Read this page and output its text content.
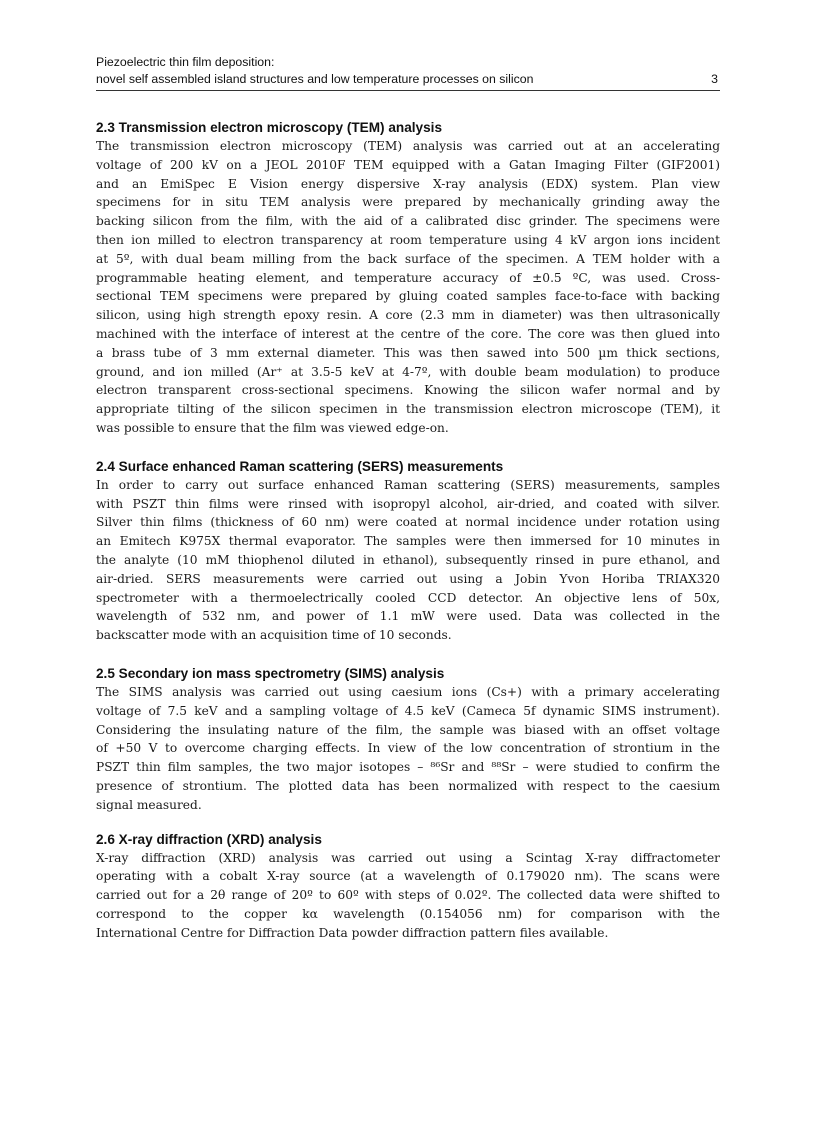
Piezoelectric thin film deposition:
novel self assembled island structures and low temperature processes on silicon	3
2.3 Transmission electron microscopy (TEM) analysis
The transmission electron microscopy (TEM) analysis was carried out at an accelerating
voltage of 200 kV on a JEOL 2010F TEM equipped with a Gatan Imaging Filter (GIF2001)
and an EmiSpec E Vision energy dispersive X-ray analysis (EDX) system. Plan view
specimens for in situ TEM analysis were prepared by mechanically grinding away the
backing silicon from the film, with the aid of a calibrated disc grinder. The specimens were
then ion milled to electron transparency at room temperature using 4 kV argon ions incident
at 5º, with dual beam milling from the back surface of the specimen. A TEM holder with a
programmable heating element, and temperature accuracy of ±0.5 ºC, was used. Cross-
sectional TEM specimens were prepared by gluing coated samples face-to-face with backing
silicon, using high strength epoxy resin. A core (2.3 mm in diameter) was then ultrasonically
machined with the interface of interest at the centre of the core. The core was then glued into
a brass tube of 3 mm external diameter. This was then sawed into 500 µm thick sections,
ground, and ion milled (Ar⁺ at 3.5-5 keV at 4-7º, with double beam modulation) to produce
electron transparent cross-sectional specimens. Knowing the silicon wafer normal and by
appropriate tilting of the silicon specimen in the transmission electron microscope (TEM), it
was possible to ensure that the film was viewed edge-on.
2.4 Surface enhanced Raman scattering (SERS) measurements
In order to carry out surface enhanced Raman scattering (SERS) measurements, samples
with PSZT thin films were rinsed with isopropyl alcohol, air-dried, and coated with silver.
Silver thin films (thickness of 60 nm) were coated at normal incidence under rotation using
an Emitech K975X thermal evaporator. The samples were then immersed for 10 minutes in
the analyte (10 mM thiophenol diluted in ethanol), subsequently rinsed in pure ethanol, and
air-dried. SERS measurements were carried out using a Jobin Yvon Horiba TRIAX320
spectrometer with a thermoelectrically cooled CCD detector. An objective lens of 50x,
wavelength of 532 nm, and power of 1.1 mW were used. Data was collected in the
backscatter mode with an acquisition time of 10 seconds.
2.5 Secondary ion mass spectrometry (SIMS) analysis
The SIMS analysis was carried out using caesium ions (Cs+) with a primary accelerating
voltage of 7.5 keV and a sampling voltage of 4.5 keV (Cameca 5f dynamic SIMS instrument).
Considering the insulating nature of the film, the sample was biased with an offset voltage
of +50 V to overcome charging effects. In view of the low concentration of strontium in the
PSZT thin film samples, the two major isotopes – ⁸⁶Sr and ⁸⁸Sr – were studied to confirm the
presence of strontium. The plotted data has been normalized with respect to the caesium
signal measured.
2.6 X-ray diffraction (XRD) analysis
X-ray diffraction (XRD) analysis was carried out using a Scintag X-ray diffractometer
operating with a cobalt X-ray source (at a wavelength of 0.179020 nm). The scans were
carried out for a 2θ range of 20º to 60º with steps of 0.02º. The collected data were shifted to
correspond to the copper kα wavelength (0.154056 nm) for comparison with the
International Centre for Diffraction Data powder diffraction pattern files available.
